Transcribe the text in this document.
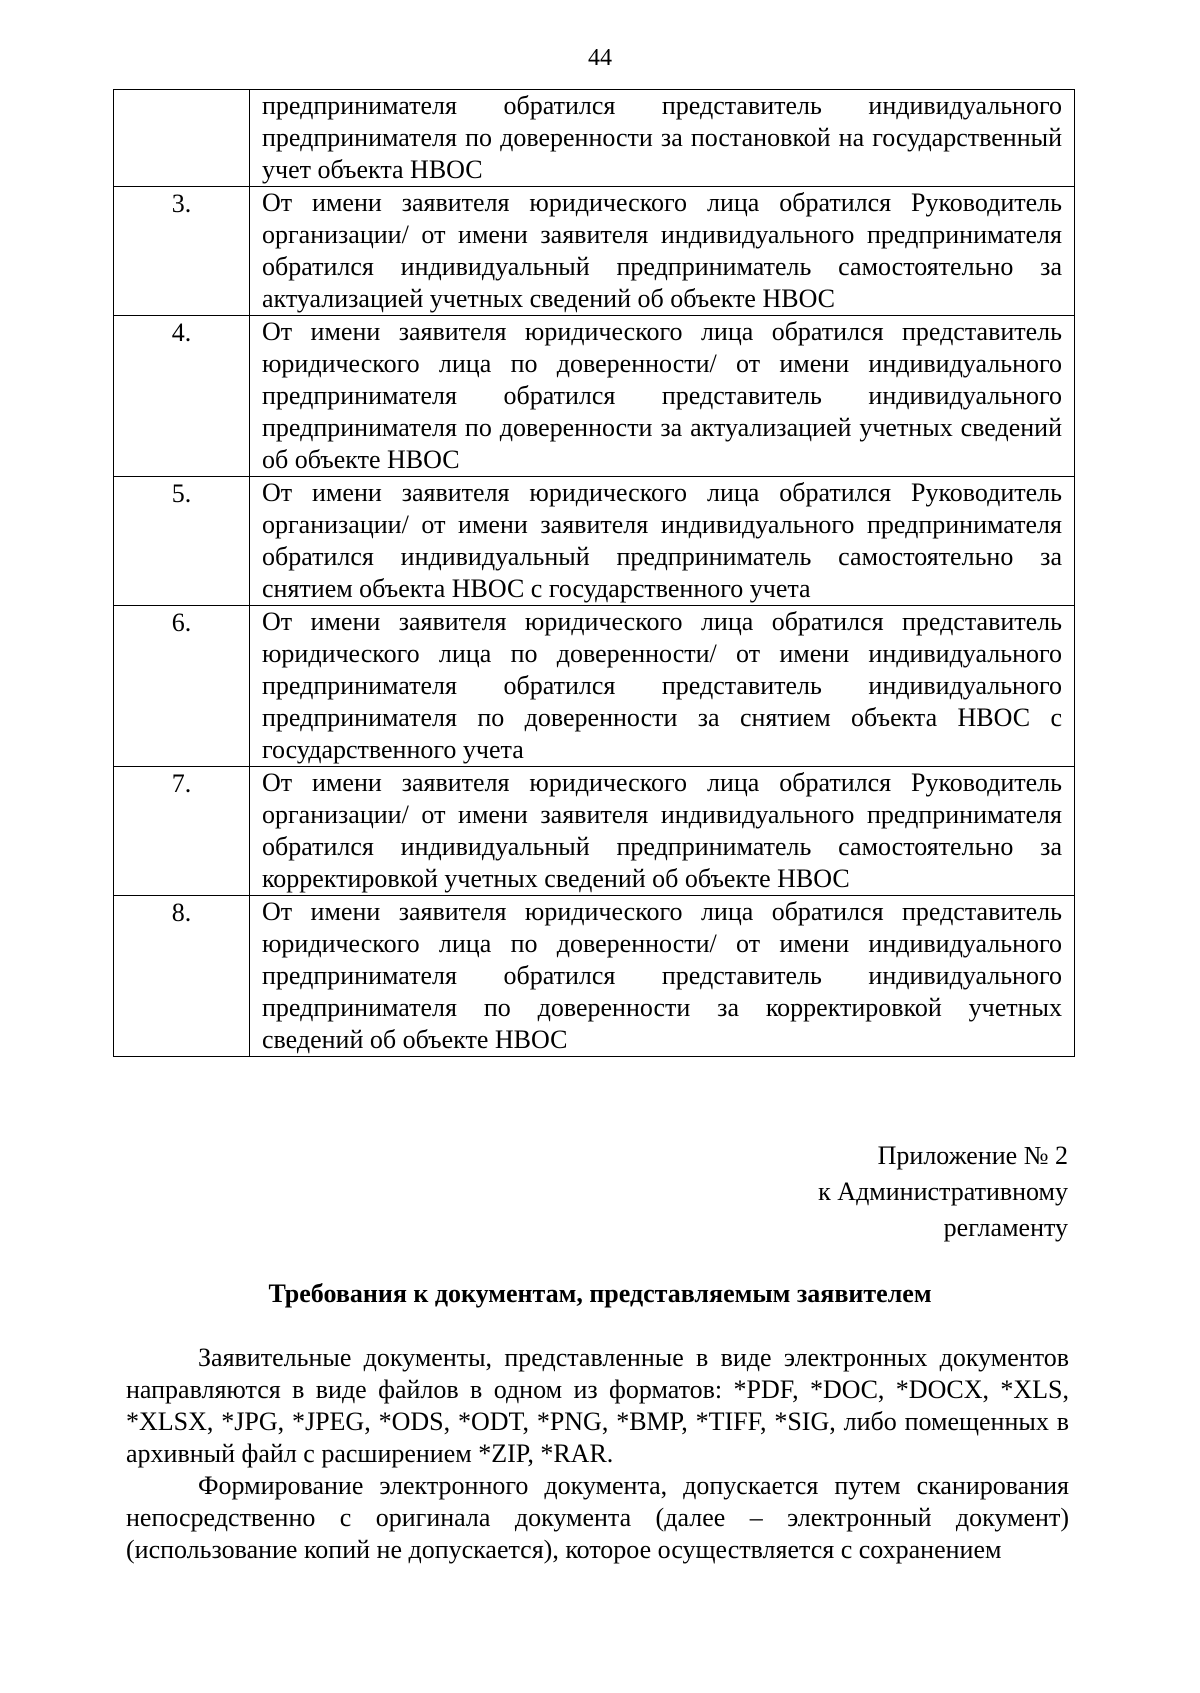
44
	предпринимателя обратился представитель индивидуального предпринимателя по доверенности за постановкой на государственный учет объекта НВОС
3.	От имени заявителя юридического лица обратился Руководитель организации/ от имени заявителя индивидуального предпринимателя обратился индивидуальный предприниматель самостоятельно за актуализацией учетных сведений об объекте НВОС
4.	От имени заявителя юридического лица обратился представитель юридического лица по доверенности/ от имени индивидуального предпринимателя обратился представитель индивидуального предпринимателя по доверенности за актуализацией учетных сведений об объекте НВОС
5.	От имени заявителя юридического лица обратился Руководитель организации/ от имени заявителя индивидуального предпринимателя обратился индивидуальный предприниматель самостоятельно за снятием объекта НВОС с государственного учета
6.	От имени заявителя юридического лица обратился представитель юридического лица по доверенности/ от имени индивидуального предпринимателя обратился представитель индивидуального предпринимателя по доверенности за снятием объекта НВОС с государственного учета
7.	От имени заявителя юридического лица обратился Руководитель организации/ от имени заявителя индивидуального предпринимателя обратился индивидуальный предприниматель самостоятельно за корректировкой учетных сведений об объекте НВОС
8.	От имени заявителя юридического лица обратился представитель юридического лица по доверенности/ от имени индивидуального предпринимателя обратился представитель индивидуального предпринимателя по доверенности за корректировкой учетных сведений об объекте НВОС
Приложение № 2
к Административному
регламенту
Требования к документам, представляемым заявителем

Заявительные документы, представленные в виде электронных документов направляются в виде файлов в одном из форматов: *PDF, *DOC, *DOCX, *XLS, *XLSX, *JPG, *JPEG, *ODS, *ODT, *PNG, *BMP, *TIFF, *SIG, либо помещенных в архивный файл с расширением *ZIP, *RAR.

Формирование электронного документа, допускается путем сканирования непосредственно с оригинала документа (далее – электронный документ) (использование копий не допускается), которое осуществляется с сохранением
